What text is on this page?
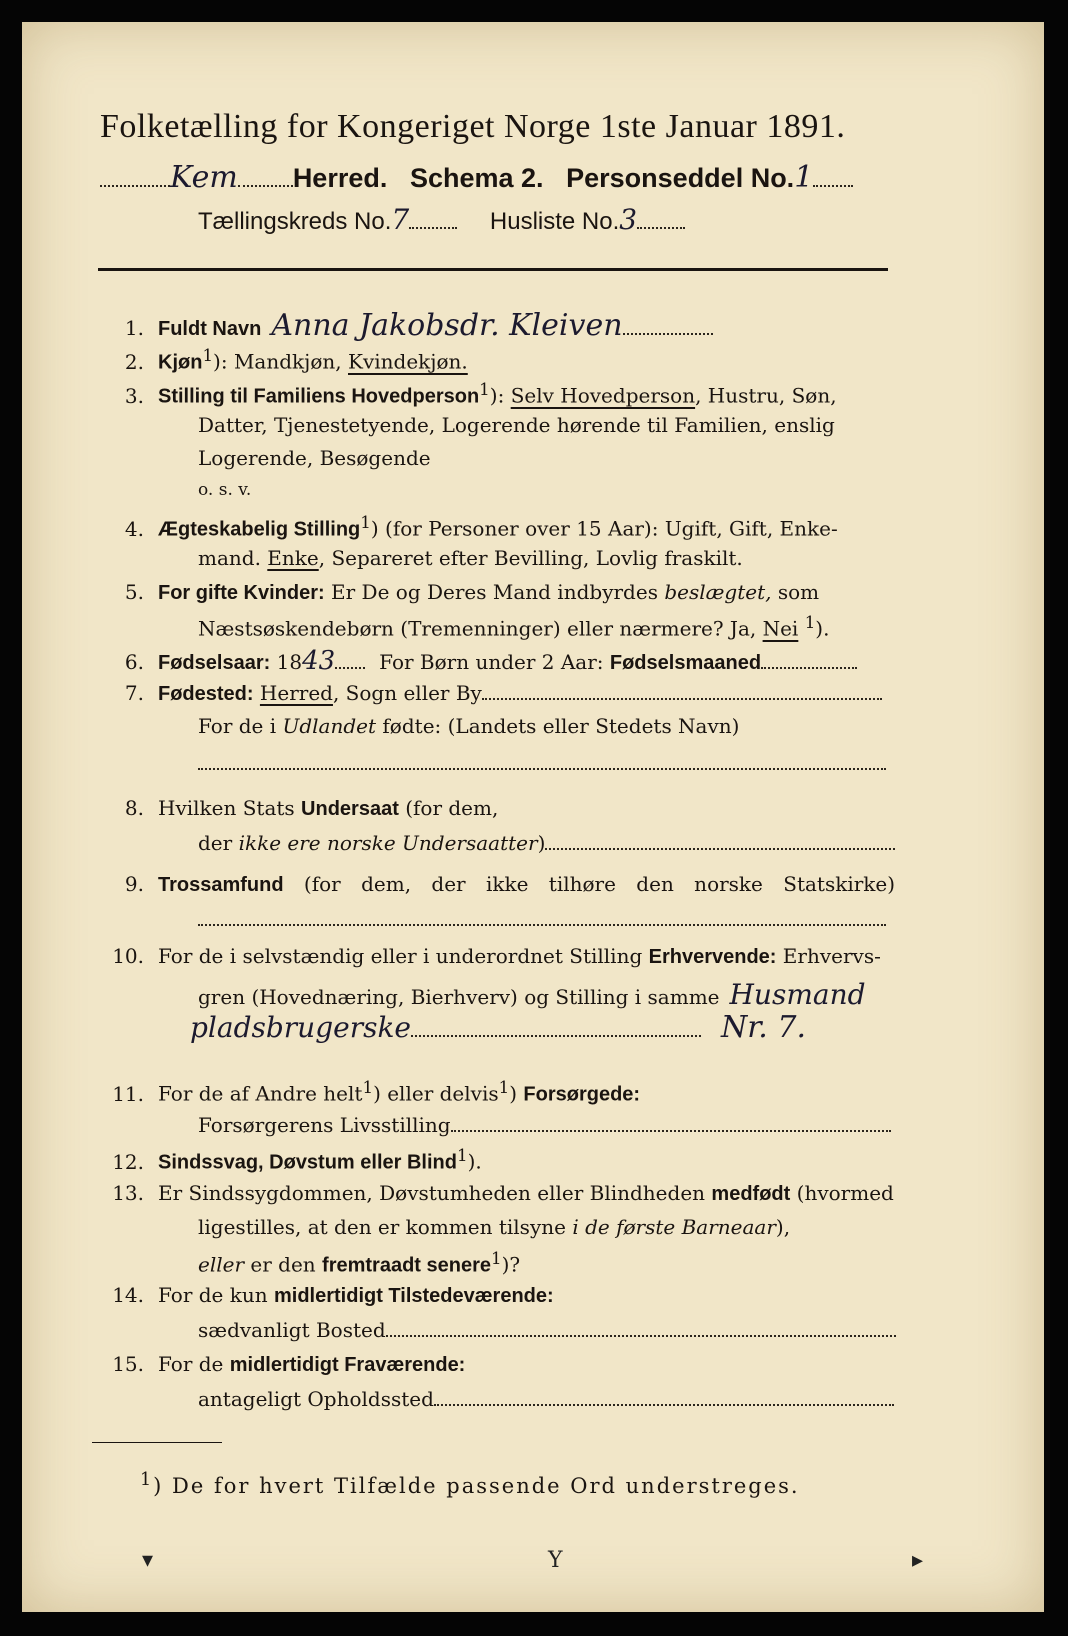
Folketælling for Kongeriget Norge 1ste Januar 1891.
Kem Herred. Schema 2. Personseddel No.1
Tællingskreds No.7	Husliste No.3
1. Fuldt Navn Anna Jakobsdr. Kleiven
2. Kjøn$^1$): Mandkjøn, Kvindekjøn.
3. Stilling til Familiens Hovedperson$^1$): Selv Hovedperson, Hustru, Søn,
Datter, Tjenestetyende, Logerende hørende til Familien, enslig
Logerende, Besøgende
o. s. v.
4. Ægteskabelig Stilling$^1$) (for Personer over 15 Aar): Ugift, Gift, Enke-
mand. Enke, Separeret efter Bevilling, Lovlig fraskilt.
5. For gifte Kvinder: Er De og Deres Mand indbyrdes beslægtet, som
Næstsøskendebørn (Tremenninger) eller nærmere? Ja, Nei $^1$).
6. Fødselsaar: 1843 For Børn under 2 Aar: Fødselsmaaned
7. Fødested: Herred, Sogn eller By
For de i Udlandet fødte: (Landets eller Stedets Navn)
8. Hvilken Stats Undersaat (for dem,
der ikke ere norske Undersaatter)
9. Trossamfund (for dem, der ikke tilhøre den norske Statskirke)
10. For de i selvstændig eller i underordnet Stilling Erhvervende: Erhvervs-
gren (Hovednæring, Bierhverv) og Stilling i samme Husmand
pladsbrugerske	Nr. 7.
11. For de af Andre helt$^1$) eller delvis$^1$) Forsørgede:
Forsørgerens Livsstilling
12. Sindssvag, Døvstum eller Blind$^1$).
13. Er Sindssygdommen, Døvstumheden eller Blindheden medfødt (hvormed
ligestilles, at den er kommen tilsyne i de første Barneaar),
eller er den fremtraadt senere$^1$)?
14. For de kun midlertidigt Tilstedeværende:
sædvanligt Bosted
15. For de midlertidigt Fraværende:
antageligt Opholdssted
$^1$) De for hvert Tilfælde passende Ord understreges.
▾	Y	▸
